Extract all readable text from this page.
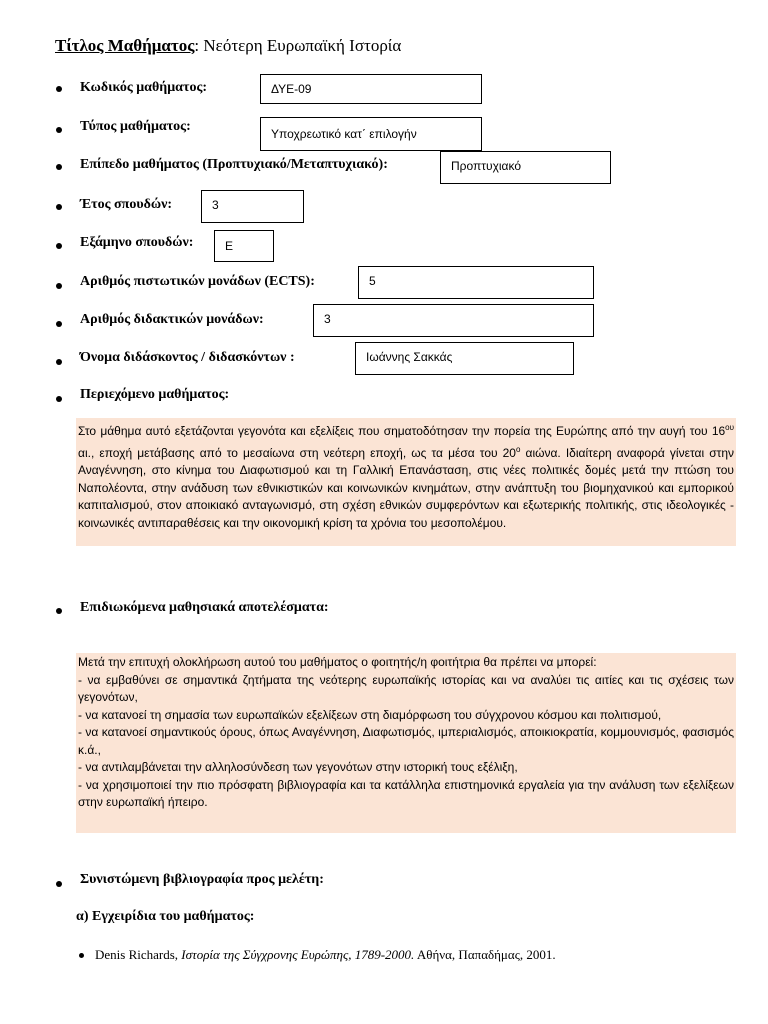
Τίτλος Μαθήματος: Νεότερη Ευρωπαϊκή Ιστορία
Κωδικός μαθήματος:	ΔΥΕ-09
Τύπος μαθήματος:	Υποχρεωτικό κατ΄ επιλογήν
Επίπεδο μαθήματος (Προπτυχιακό/Μεταπτυχιακό):	Προπτυχιακό
Έτος σπουδών:	3
Εξάμηνο σπουδών:	Ε
Αριθμός πιστωτικών μονάδων (ECTS):	5
Αριθμός διδακτικών μονάδων:	3
Όνομα διδάσκοντος / διδασκόντων :	Ιωάννης Σακκάς
Περιεχόμενο μαθήματος:

Στο μάθημα αυτό εξετάζονται γεγονότα και εξελίξεις που σηματοδότησαν την πορεία της Ευρώπης από την αυγή του $16^{o\upsilon}$ αι., εποχή μετάβασης από το μεσαίωνα στη νεότερη εποχή, ως τα μέσα του $20^o$ αιώνα. Ιδιαίτερη αναφορά γίνεται στην Αναγέννηση, στο κίνημα του Διαφωτισμού και τη Γαλλική Επανάσταση, στις νέες πολιτικές δομές μετά την πτώση του Ναπολέοντα, στην ανάδυση των εθνικιστικών και κοινωνικών κινημάτων, στην ανάπτυξη του βιομηχανικού και εμπορικού καπιταλισμού, στον αποικιακό ανταγωνισμό, στη σχέση εθνικών συμφερόντων και εξωτερικής πολιτικής, στις ιδεολογικές - κοινωνικές αντιπαραθέσεις και την οικονομική κρίση τα χρόνια του μεσοπολέμου.

Επιδιωκόμενα μαθησιακά αποτελέσματα:

Μετά την επιτυχή ολοκλήρωση αυτού του μαθήματος ο φοιτητής/η φοιτήτρια θα πρέπει να μπορεί:

- να εμβαθύνει σε σημαντικά ζητήματα της νεότερης ευρωπαϊκής ιστορίας και να αναλύει τις αιτίες και τις σχέσεις των γεγονότων,

- να κατανοεί τη σημασία των ευρωπαϊκών εξελίξεων στη διαμόρφωση του σύγχρονου κόσμου και πολιτισμού,

- να κατανοεί σημαντικούς όρους, όπως Αναγέννηση, Διαφωτισμός, ιμπεριαλισμός, αποικιοκρατία, κομμουνισμός, φασισμός κ.ά.,

- να αντιλαμβάνεται την αλληλοσύνδεση των γεγονότων στην ιστορική τους εξέλιξη,

- να χρησιμοποιεί την πιο πρόσφατη βιβλιογραφία και τα κατάλληλα επιστημονικά εργαλεία για την ανάλυση των εξελίξεων στην ευρωπαϊκή ήπειρο.

Συνιστώμενη βιβλιογραφία προς μελέτη:
α) Εγχειρίδια του μαθήματος:
Denis Richards, Ιστορία της Σύγχρονης Ευρώπης, 1789-2000. Αθήνα, Παπαδήμας, 2001.
